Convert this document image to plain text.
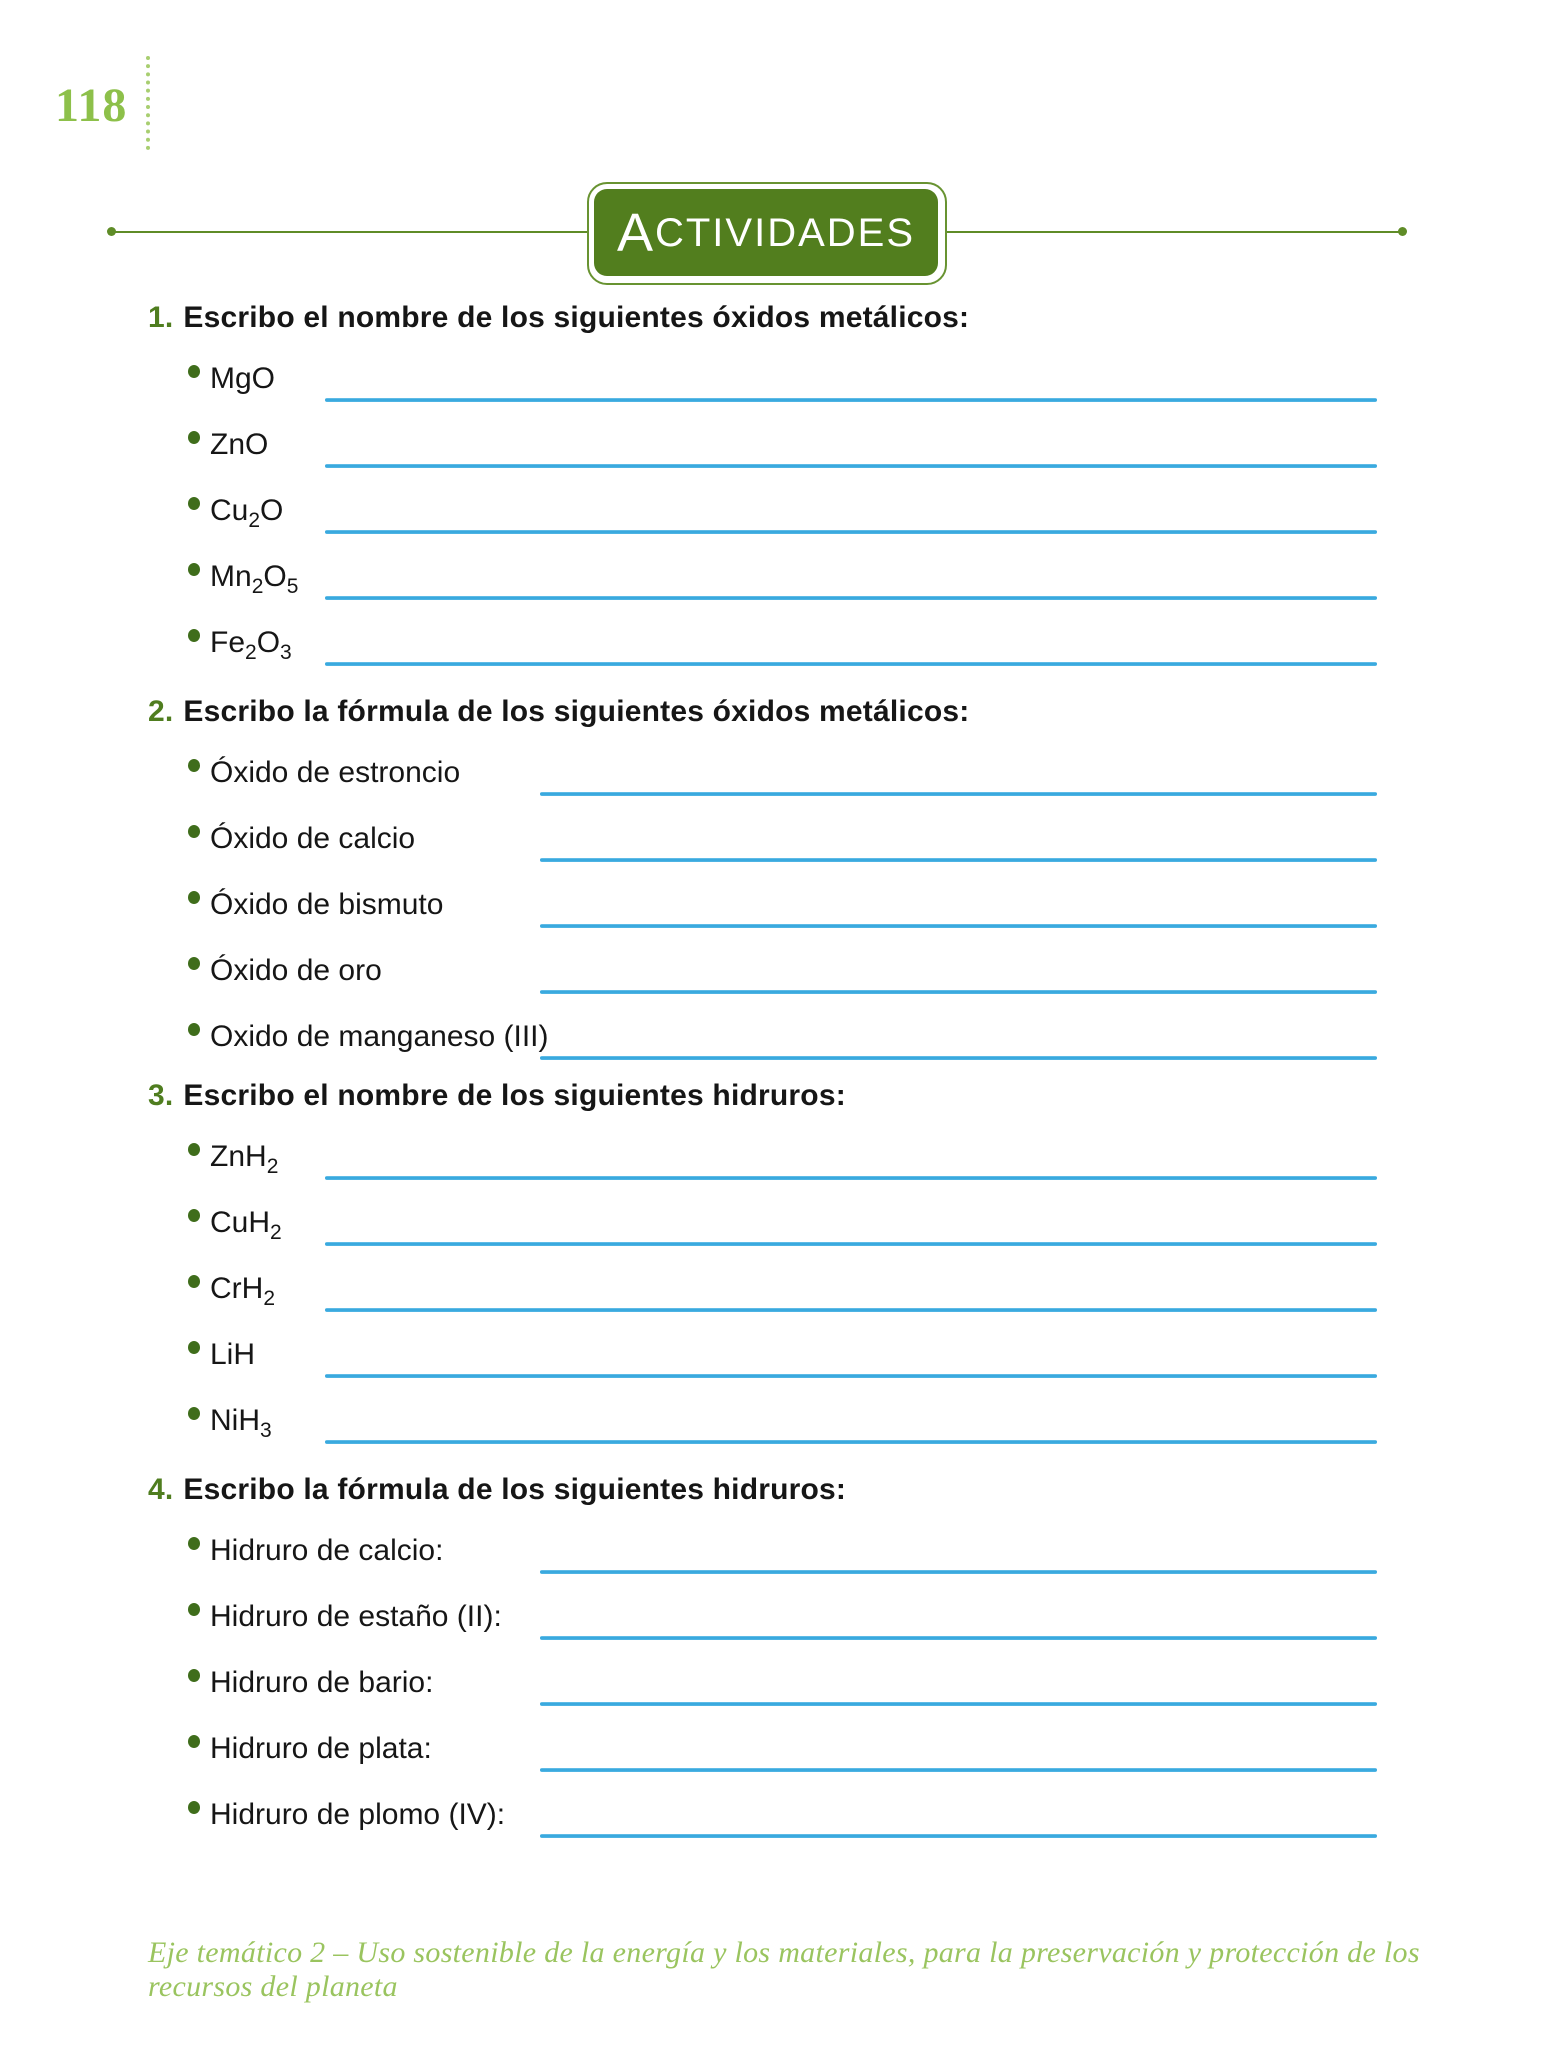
118
A CTIVIDADES
1. Escribo el nombre de los siguientes óxidos metálicos:
MgO
ZnO
$Cu_2O$
$Mn_2O_5$
$Fe_2O_3$
2. Escribo la fórmula de los siguientes óxidos metálicos:
Óxido de estroncio
Óxido de calcio
Óxido de bismuto
Óxido de oro
Oxido de manganeso (III)
3. Escribo el nombre de los siguientes hidruros:
ZnH$_2$
CuH$_2$
CrH$_2$
LiH
NiH$_3$
4. Escribo la fórmula de los siguientes hidruros:
Hidruro de calcio:
Hidruro de estaño (II):
Hidruro de bario:
Hidruro de plata:
Hidruro de plomo (IV):
Eje temático 2 – Uso sostenible de la energía y los materiales, para la preservación y protección de los recursos del planeta
